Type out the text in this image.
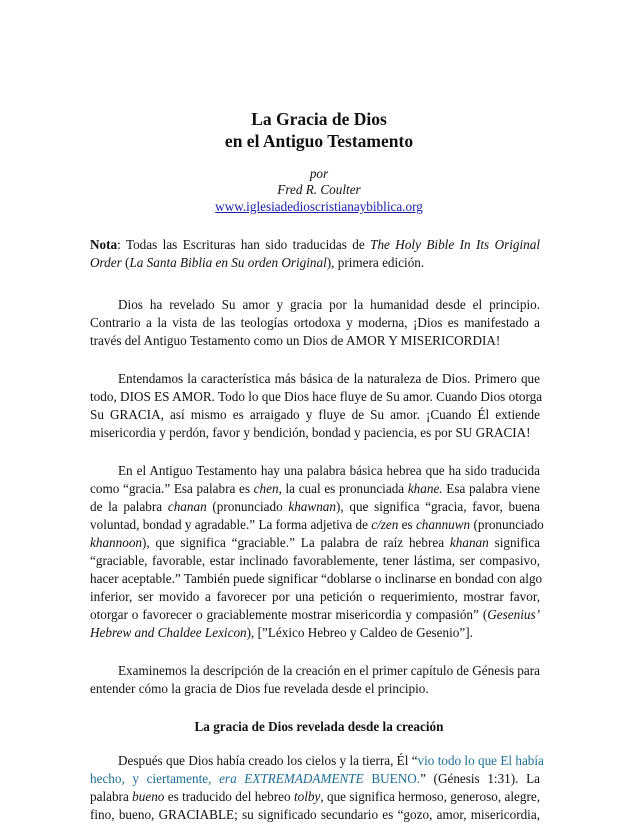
La Gracia de Dios
en el Antiguo Testamento
por
Fred R. Coulter
www.iglesiadedioscristianaybiblica.org
Nota: Todas las Escrituras han sido traducidas de The Holy Bible In Its Original
Order (La Santa Biblia en Su orden Original), primera edición.
Dios ha revelado Su amor y gracia por la humanidad desde el principio.
Contrario a la vista de las teologías ortodoxa y moderna, ¡Dios es manifestado a
través del Antiguo Testamento como un Dios de AMOR Y MISERICORDIA!
Entendamos la característica más básica de la naturaleza de Dios. Primero que
todo, DIOS ES AMOR. Todo lo que Dios hace fluye de Su amor. Cuando Dios otorga
Su GRACIA, así mismo es arraigado y fluye de Su amor. ¡Cuando Él extiende
misericordia y perdón, favor y bendición, bondad y paciencia, es por SU GRACIA!
En el Antiguo Testamento hay una palabra básica hebrea que ha sido traducida
como “gracia.” Esa palabra es chen, la cual es pronunciada khane. Esa palabra viene
de la palabra chanan (pronunciado khawnan), que significa “gracia, favor, buena
voluntad, bondad y agradable.” La forma adjetiva de c/zen es channuwn (pronunciado
khannoon), que significa “graciable.” La palabra de raíz hebrea khanan significa
“graciable, favorable, estar inclinado favorablemente, tener lástima, ser compasivo,
hacer aceptable.” También puede significar “doblarse o inclinarse en bondad con algo
inferior, ser movido a favorecer por una petición o requerimiento, mostrar favor,
otorgar o favorecer o graciablemente mostrar misericordia y compasión” (Gesenius’
Hebrew and Chaldee Lexicon), [”Léxico Hebreo y Caldeo de Gesenio”].
Examinemos la descripción de la creación en el primer capítulo de Génesis para
entender cómo la gracia de Dios fue revelada desde el principio.
La gracia de Dios revelada desde la creación
Después que Dios había creado los cielos y la tierra, Él “vio todo lo que El había
hecho, y ciertamente, era EXTREMADAMENTE BUENO.” (Génesis 1:31). La
palabra bueno es traducido del hebreo tolby, que significa hermoso, generoso, alegre,
fino, bueno, GRACIABLE; su significado secundario es “gozo, amor, misericordia,
